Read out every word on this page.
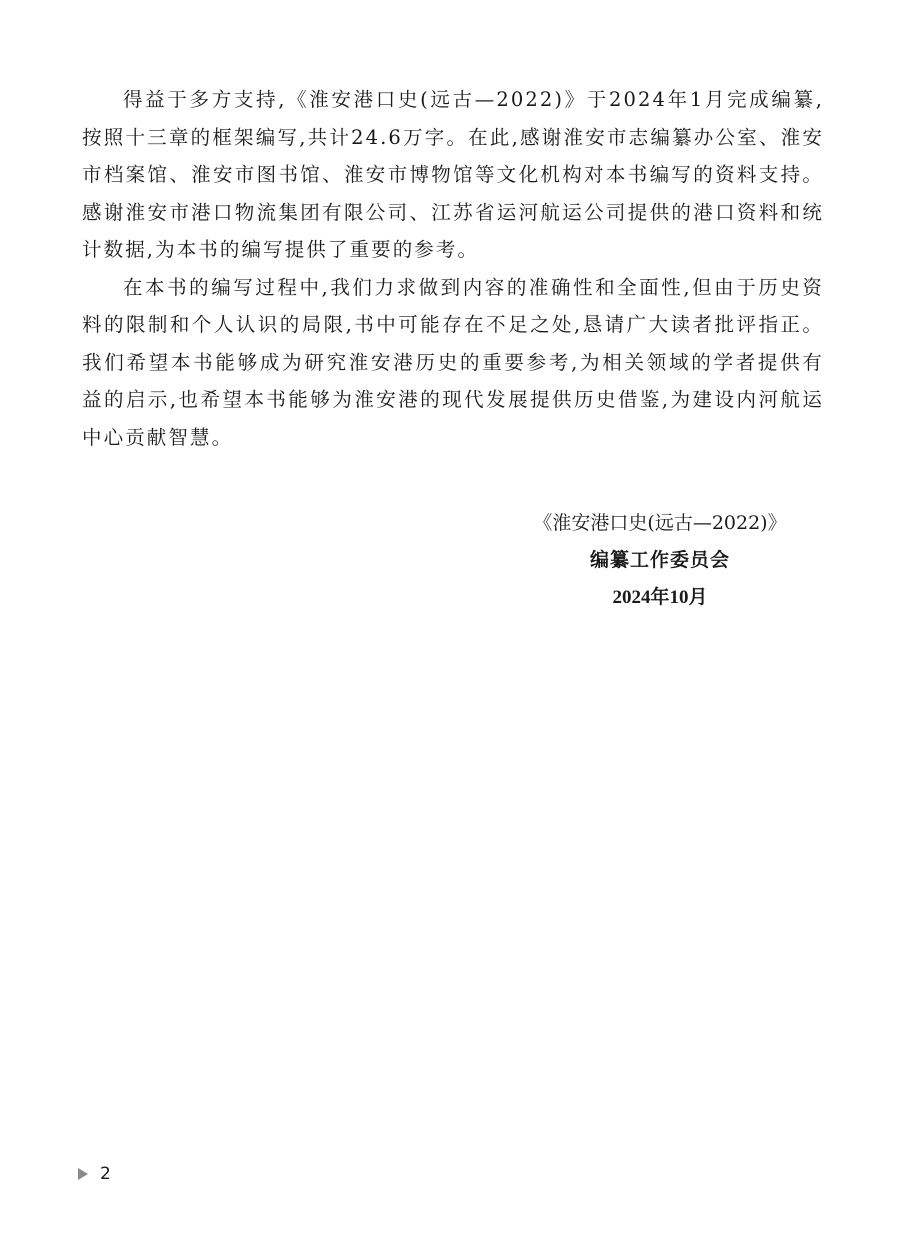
得益于多方支持,《淮安港口史(远古—2022)》于2024年1月完成编纂,按照十三章的框架编写,共计24.6万字。在此,感谢淮安市志编纂办公室、淮安市档案馆、淮安市图书馆、淮安市博物馆等文化机构对本书编写的资料支持。感谢淮安市港口物流集团有限公司、江苏省运河航运公司提供的港口资料和统计数据,为本书的编写提供了重要的参考。

在本书的编写过程中,我们力求做到内容的准确性和全面性,但由于历史资料的限制和个人认识的局限,书中可能存在不足之处,恳请广大读者批评指正。我们希望本书能够成为研究淮安港历史的重要参考,为相关领域的学者提供有益的启示,也希望本书能够为淮安港的现代发展提供历史借鉴,为建设内河航运中心贡献智慧。

《淮安港口史(远古—2022)》
编纂工作委员会
2024年10月
2
